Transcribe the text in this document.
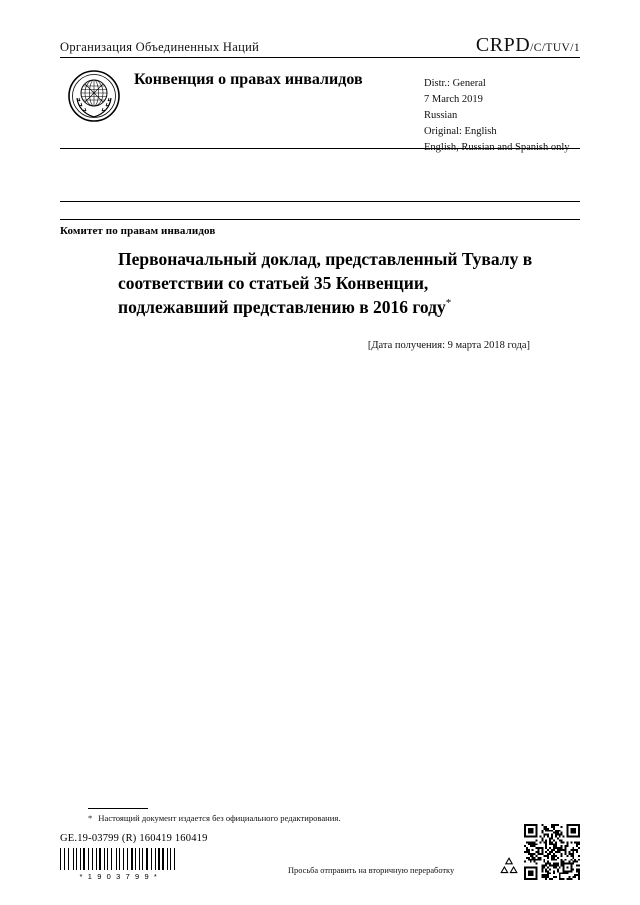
Организация Объединенных Наций	CRPD/C/TUV/1
Конвенция о правах инвалидов	Distr.: General
7 March 2019
Russian
Original: English
English, Russian and Spanish only
Комитет по правам инвалидов
Первоначальный доклад, представленный Тувалу в соответствии со статьей 35 Конвенции, подлежавший представлению в 2016 году*
[Дата получения: 9 марта 2018 года]
* Настоящий документ издается без официального редактирования.
GE.19-03799 (R) 160419 160419
* 1 9 0 3 7 9 9 *
Просьба отправить на вторичную переработку
